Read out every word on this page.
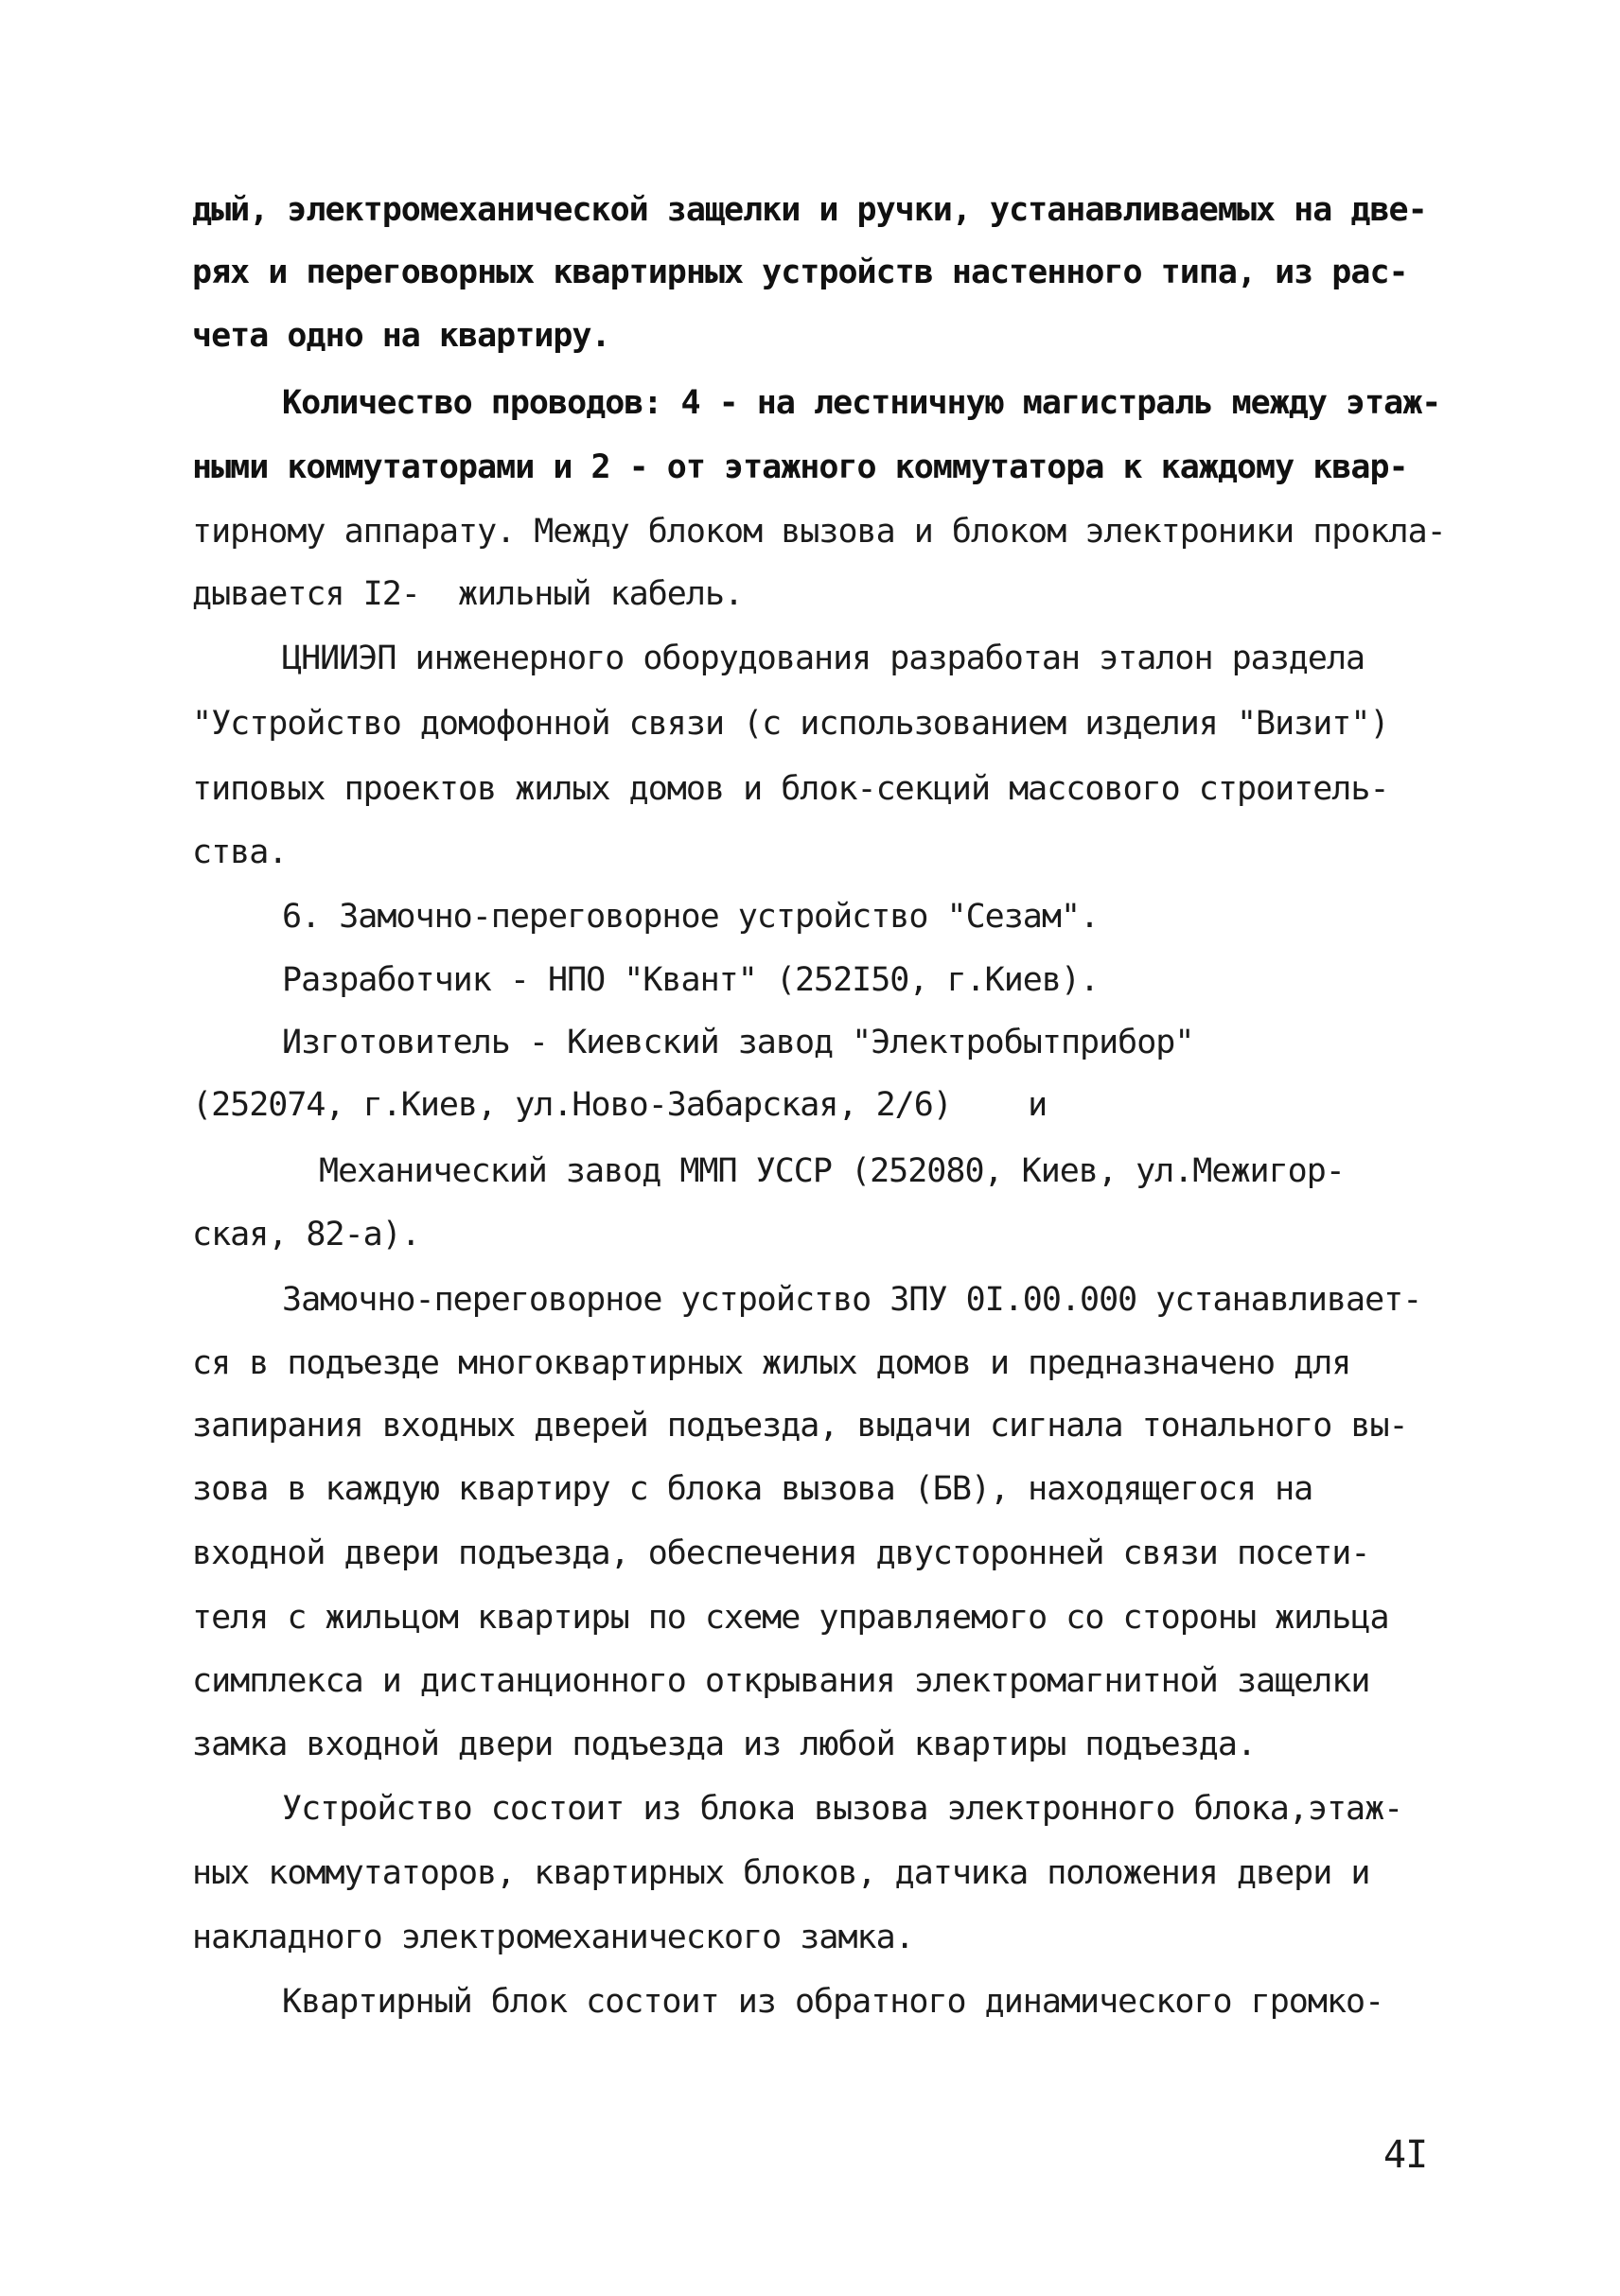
дый, электромеханической защелки и ручки, устанавливаемых на две-
рях и переговорных квартирных устройств настенного типа, из рас-
чета одно на квартиру.
Количество проводов: 4 - на лестничную магистраль между этаж-
ными коммутаторами и 2 - от этажного коммутатора к каждому квар-
тирному аппарату. Между блоком вызова и блоком электроники прокла-
дывается I2-  жильный кабель.
ЦНИИЭП инженерного оборудования разработан эталон раздела
"Устройство домофонной связи (с использованием изделия "Визит")
типовых проектов жилых домов и блок-секций массового строитель-
ства.
6. Замочно-переговорное устройство "Сезам".
Разработчик - НПО "Квант" (252I50, г.Киев).
Изготовитель - Киевский завод "Электробытприбор"
(252074, г.Киев, ул.Ново-Забарская, 2/6)    и
Механический завод ММП УССР (252080, Киев, ул.Межигор-
ская, 82-а).
Замочно-переговорное устройство ЗПУ 0I.00.000 устанавливает-
ся в подъезде многоквартирных жилых домов и предназначено для
запирания входных дверей подъезда, выдачи сигнала тонального вы-
зова в каждую квартиру с блока вызова (БВ), находящегося на
входной двери подъезда, обеспечения двусторонней связи посети-
теля с жильцом квартиры по схеме управляемого со стороны жильца
симплекса и дистанционного открывания электромагнитной защелки
замка входной двери подъезда из любой квартиры подъезда.
Устройство состоит из блока вызова электронного блока,этаж-
ных коммутаторов, квартирных блоков, датчика положения двери и
накладного электромеханического замка.
Квартирный блок состоит из обратного динамического громко-
4I
